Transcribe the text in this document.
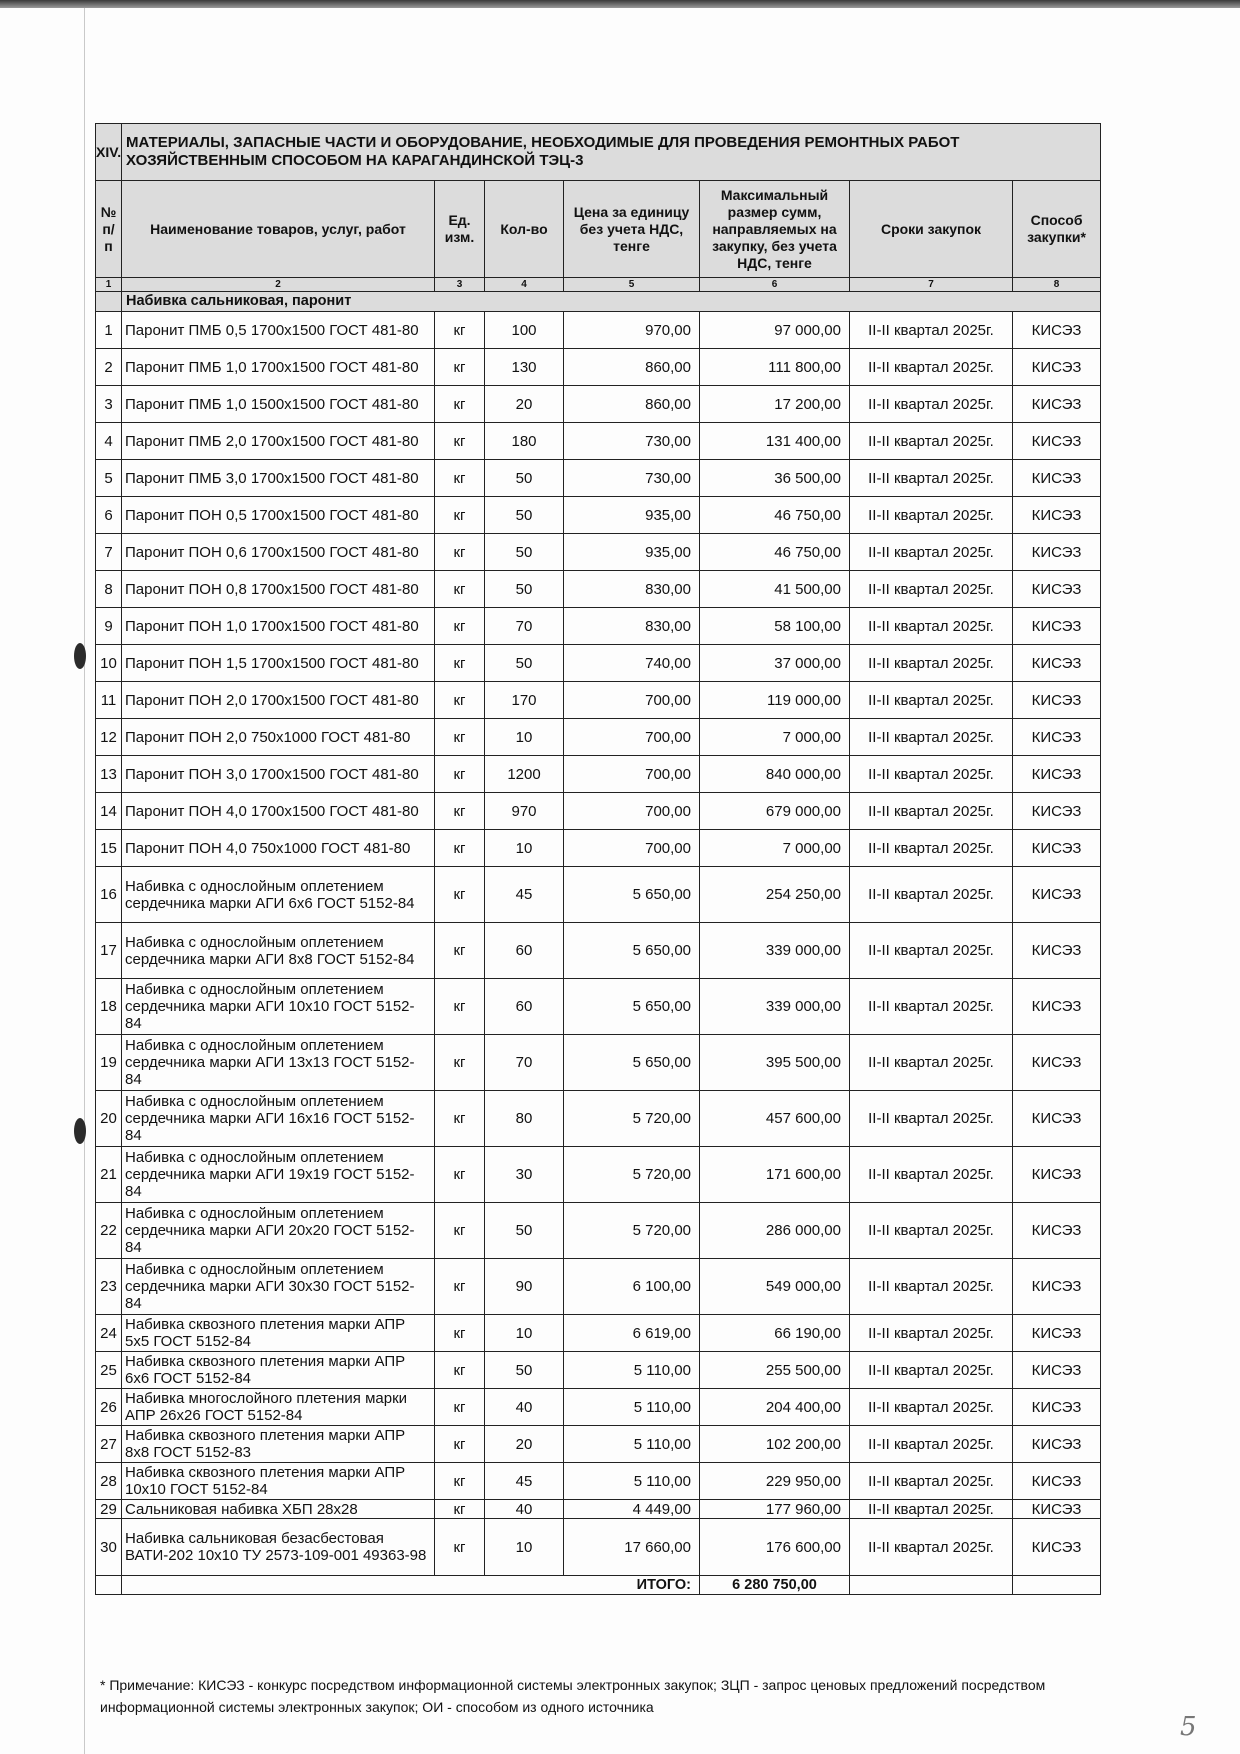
XIV.	МАТЕРИАЛЫ, ЗАПАСНЫЕ ЧАСТИ И ОБОРУДОВАНИЕ, НЕОБХОДИМЫЕ ДЛЯ ПРОВЕДЕНИЯ РЕМОНТНЫХ РАБОТ ХОЗЯЙСТВЕННЫМ СПОСОБОМ НА КАРАГАНДИНСКОЙ ТЭЦ-3						
№ п/п	Наименование товаров, услуг, работ	Ед. изм.	Кол-во	Цена за единицу без учета НДС, тенге	Максимальный размер сумм, направляемых на закупку, без учета НДС, тенге	Сроки закупок	Способ закупки*
1	2	3	4	5	6	7	8
	Набивка сальниковая, паронит						
1	Паронит ПМБ 0,5 1700х1500 ГОСТ 481-80	кг	100	970,00	97 000,00	II-II квартал 2025г.	КИСЭЗ
2	Паронит ПМБ 1,0 1700х1500 ГОСТ 481-80	кг	130	860,00	111 800,00	II-II квартал 2025г.	КИСЭЗ
3	Паронит ПМБ 1,0 1500х1500 ГОСТ 481-80	кг	20	860,00	17 200,00	II-II квартал 2025г.	КИСЭЗ
4	Паронит ПМБ 2,0 1700х1500 ГОСТ 481-80	кг	180	730,00	131 400,00	II-II квартал 2025г.	КИСЭЗ
5	Паронит ПМБ 3,0 1700х1500 ГОСТ 481-80	кг	50	730,00	36 500,00	II-II квартал 2025г.	КИСЭЗ
6	Паронит ПОН 0,5 1700х1500 ГОСТ 481-80	кг	50	935,00	46 750,00	II-II квартал 2025г.	КИСЭЗ
7	Паронит ПОН 0,6 1700х1500 ГОСТ 481-80	кг	50	935,00	46 750,00	II-II квартал 2025г.	КИСЭЗ
8	Паронит ПОН 0,8 1700х1500 ГОСТ 481-80	кг	50	830,00	41 500,00	II-II квартал 2025г.	КИСЭЗ
9	Паронит ПОН 1,0 1700х1500 ГОСТ 481-80	кг	70	830,00	58 100,00	II-II квартал 2025г.	КИСЭЗ
10	Паронит ПОН 1,5 1700х1500 ГОСТ 481-80	кг	50	740,00	37 000,00	II-II квартал 2025г.	КИСЭЗ
11	Паронит ПОН 2,0 1700х1500 ГОСТ 481-80	кг	170	700,00	119 000,00	II-II квартал 2025г.	КИСЭЗ
12	Паронит ПОН 2,0 750х1000 ГОСТ 481-80	кг	10	700,00	7 000,00	II-II квартал 2025г.	КИСЭЗ
13	Паронит ПОН 3,0 1700х1500 ГОСТ 481-80	кг	1200	700,00	840 000,00	II-II квартал 2025г.	КИСЭЗ
14	Паронит ПОН 4,0 1700х1500 ГОСТ 481-80	кг	970	700,00	679 000,00	II-II квартал 2025г.	КИСЭЗ
15	Паронит ПОН 4,0 750х1000 ГОСТ 481-80	кг	10	700,00	7 000,00	II-II квартал 2025г.	КИСЭЗ
16	Набивка с однослойным оплетением сердечника марки АГИ 6х6 ГОСТ 5152-84	кг	45	5 650,00	254 250,00	II-II квартал 2025г.	КИСЭЗ
17	Набивка с однослойным оплетением сердечника марки АГИ 8х8 ГОСТ 5152-84	кг	60	5 650,00	339 000,00	II-II квартал 2025г.	КИСЭЗ
18	Набивка с однослойным оплетением сердечника марки АГИ 10х10 ГОСТ 5152-84	кг	60	5 650,00	339 000,00	II-II квартал 2025г.	КИСЭЗ
19	Набивка с однослойным оплетением сердечника марки АГИ 13х13 ГОСТ 5152-84	кг	70	5 650,00	395 500,00	II-II квартал 2025г.	КИСЭЗ
20	Набивка с однослойным оплетением сердечника марки АГИ 16х16 ГОСТ 5152-84	кг	80	5 720,00	457 600,00	II-II квартал 2025г.	КИСЭЗ
21	Набивка с однослойным оплетением сердечника марки АГИ 19х19 ГОСТ 5152-84	кг	30	5 720,00	171 600,00	II-II квартал 2025г.	КИСЭЗ
22	Набивка с однослойным оплетением сердечника марки АГИ 20х20 ГОСТ 5152-84	кг	50	5 720,00	286 000,00	II-II квартал 2025г.	КИСЭЗ
23	Набивка с однослойным оплетением сердечника марки АГИ 30х30 ГОСТ 5152-84	кг	90	6 100,00	549 000,00	II-II квартал 2025г.	КИСЭЗ
24	Набивка сквозного плетения марки АПР 5х5 ГОСТ 5152-84	кг	10	6 619,00	66 190,00	II-II квартал 2025г.	КИСЭЗ
25	Набивка сквозного плетения марки АПР 6х6 ГОСТ 5152-84	кг	50	5 110,00	255 500,00	II-II квартал 2025г.	КИСЭЗ
26	Набивка многослойного плетения марки АПР 26х26 ГОСТ 5152-84	кг	40	5 110,00	204 400,00	II-II квартал 2025г.	КИСЭЗ
27	Набивка сквозного плетения марки АПР 8х8 ГОСТ 5152-83	кг	20	5 110,00	102 200,00	II-II квартал 2025г.	КИСЭЗ
28	Набивка сквозного плетения марки АПР 10х10 ГОСТ 5152-84	кг	45	5 110,00	229 950,00	II-II квартал 2025г.	КИСЭЗ
29	Сальниковая набивка ХБП 28х28	кг	40	4 449,00	177 960,00	II-II квартал 2025г.	КИСЭЗ
30	Набивка сальниковая безасбестовая ВАТИ-202 10х10 ТУ 2573-109-001 49363-98	кг	10	17 660,00	176 600,00	II-II квартал 2025г.	КИСЭЗ
	ИТОГО:				6 280 750,00		
* Примечание: КИСЭЗ - конкурс посредством информационной системы электронных закупок; ЗЦП - запрос ценовых предложений посредством информационной системы электронных закупок; ОИ - способом из одного источника
5
